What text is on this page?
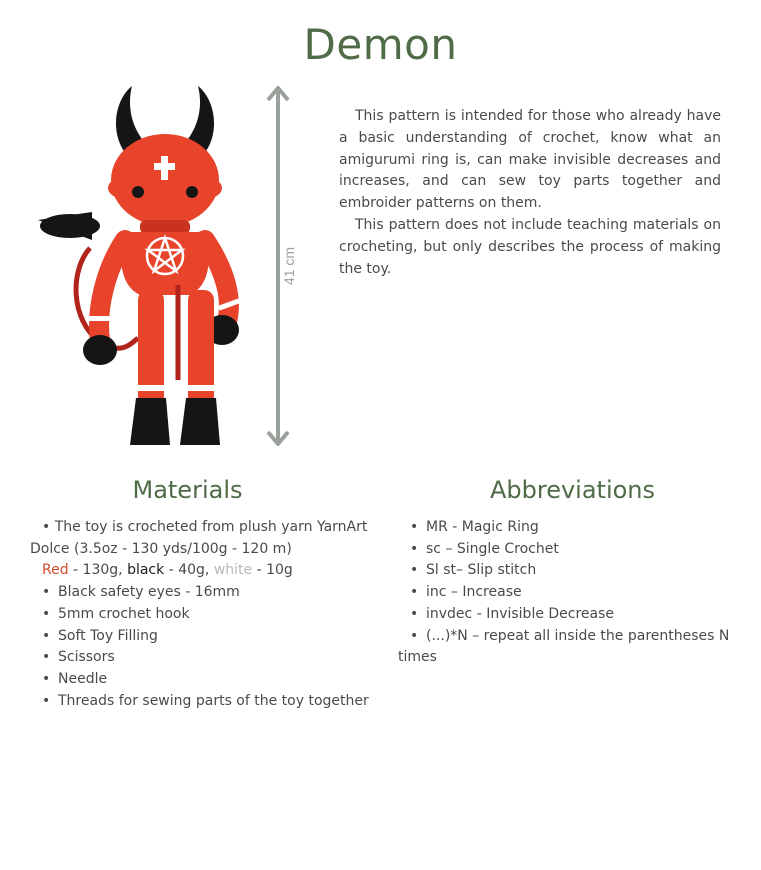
Demon
41 cm

This pattern is intended for those who already have a basic understanding of crochet, know what an amigurumi ring is, can make invisible decreases and increases, and can sew toy parts together and embroider patterns on them.

This pattern does not include teaching materials on crocheting, but only describes the process of making the toy.

Materials	Abbreviations
• The toy is crocheted from plush yarn YarnArt
Dolce (3.5oz - 130 yds/100g - 120 m)
Red - 130g, black - 40g, white - 10g
• Black safety eyes - 16mm
• 5mm crochet hook
• Soft Toy Filling
• Scissors
• Needle
• Threads for sewing parts of the toy together
• MR - Magic Ring
• sc – Single Crochet
• Sl st– Slip stitch
• inc – Increase
• invdec - Invisible Decrease
• (...)*N – repeat all inside the parentheses N
times
